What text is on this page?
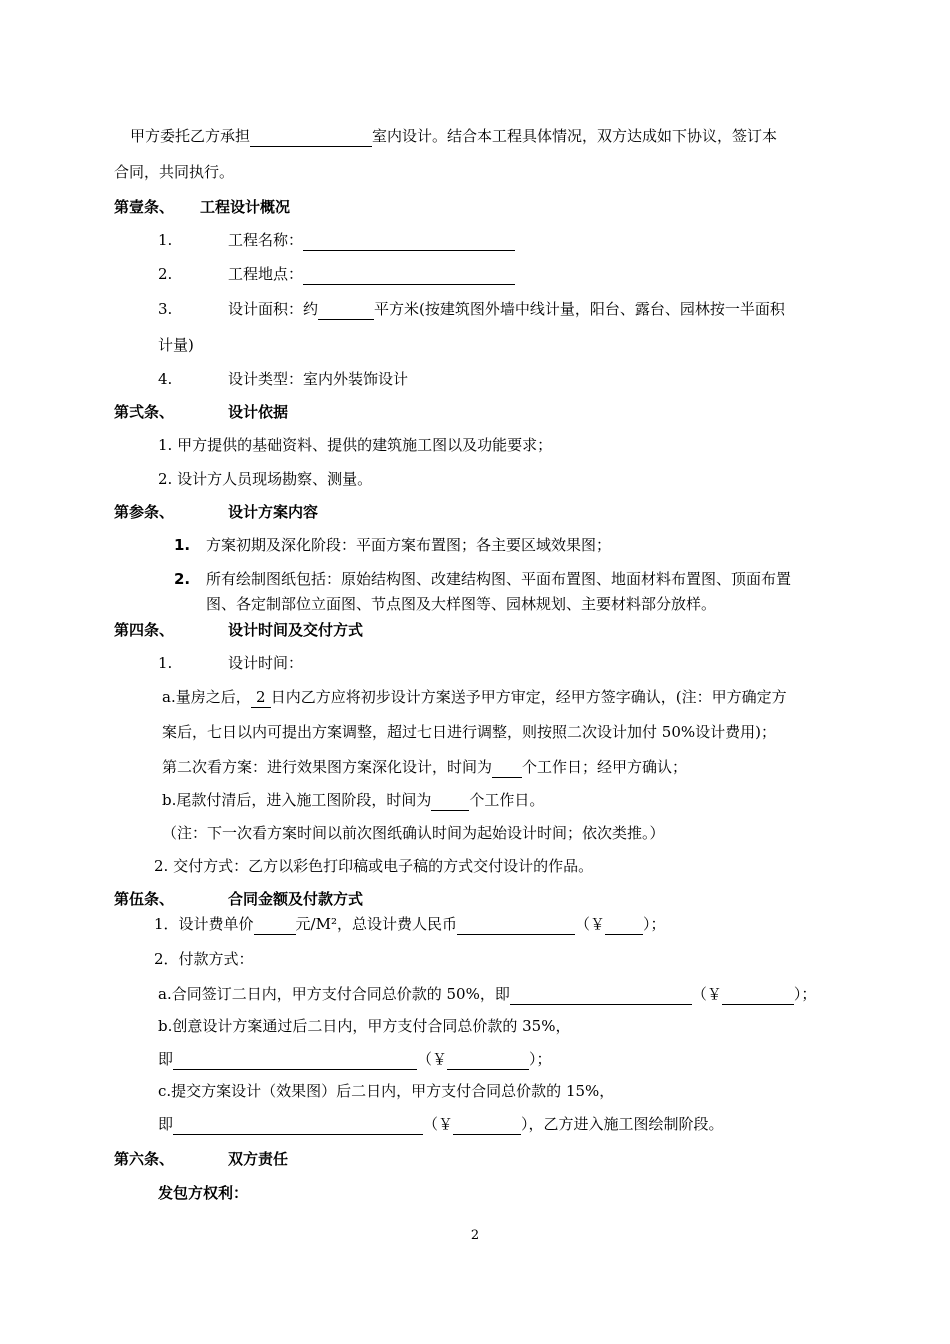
甲方委托乙方承担	室内设计。结合本工程具体情况，双方达成如下协议，签订本
合同，共同执行。
第壹条、 工程设计概况
1.	工程名称：
2.	工程地点：
3.	设计面积：约	平方米(按建筑图外墙中线计量，阳台、露台、园林按一半面积
计量)
4.	设计类型：室内外装饰设计
第弍条、	设计依据
1. 甲方提供的基础资料、提供的建筑施工图以及功能要求；
2. 设计方人员现场勘察、测量。
第参条、	设计方案内容
1. 方案初期及深化阶段：平面方案布置图；各主要区域效果图；
2. 所有绘制图纸包括：原始结构图、改建结构图、平面布置图、地面材料布置图、顶面布置
图、各定制部位立面图、节点图及大样图等、园林规划、主要材料部分放样。
第四条、	设计时间及交付方式
1.	设计时间：
a.量房之后， 2 日内乙方应将初步设计方案送予甲方审定，经甲方签字确认，(注：甲方确定方
案后，七日以内可提出方案调整，超过七日进行调整，则按照二次设计加付 50%设计费用)；
第二次看方案：进行效果图方案深化设计，时间为 个工作日；经甲方确认；
b.尾款付清后，进入施工图阶段，时间为	个工作日。
（注：下一次看方案时间以前次图纸确认时间为起始设计时间；依次类推。）
2. 交付方式：乙方以彩色打印稿或电子稿的方式交付设计的作品。
第伍条、	合同金额及付款方式
1．设计费单价	元/M²，总设计费人民币	（￥	）；
2．付款方式：
a.合同签订二日内，甲方支付合同总价款的 50%，即	（￥	）；
b.创意设计方案通过后二日内，甲方支付合同总价款的 35%，
即	（￥	）；
c.提交方案设计（效果图）后二日内，甲方支付合同总价款的 15%，
即	（￥	），乙方进入施工图绘制阶段。
第六条、	双方责任
发包方权利：
2
